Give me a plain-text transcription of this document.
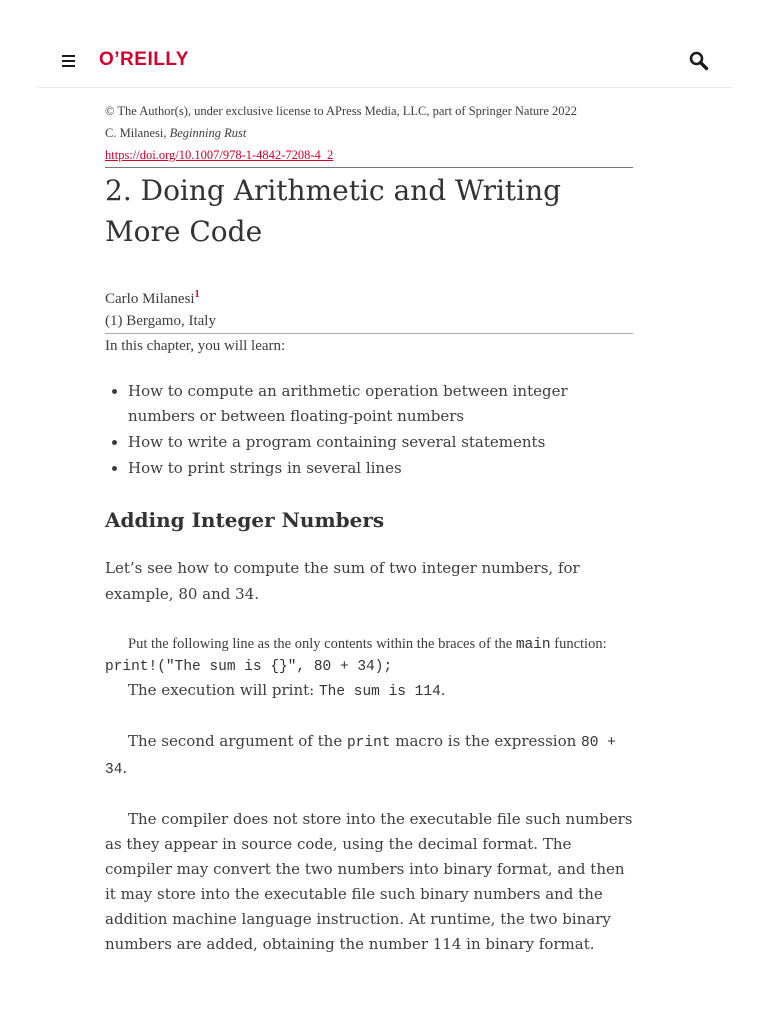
O’REILLY
© The Author(s), under exclusive license to APress Media, LLC, part of Springer Nature 2022
C. Milanesi, Beginning Rust
https://doi.org/10.1007/978-1-4842-7208-4_2
2. Doing Arithmetic and Writing More Code
Carlo Milanesi$^1$
(1) Bergamo, Italy
In this chapter, you will learn:
• How to compute an arithmetic operation between integer numbers or between floating-point numbers
• How to write a program containing several statements
• How to print strings in several lines
Adding Integer Numbers
Let’s see how to compute the sum of two integer numbers, for example, 80 and 34.
Put the following line as the only contents within the braces of the main function:
print!("The sum is {}", 80 + 34);
The execution will print: The sum is 114.
The second argument of the print macro is the expression 80 + 34.
The compiler does not store into the executable file such numbers as they appear in source code, using the decimal format. The compiler may convert the two numbers into binary format, and then it may store into the executable file such binary numbers and the addition machine language instruction. At runtime, the two binary numbers are added, obtaining the number 114 in binary format.
